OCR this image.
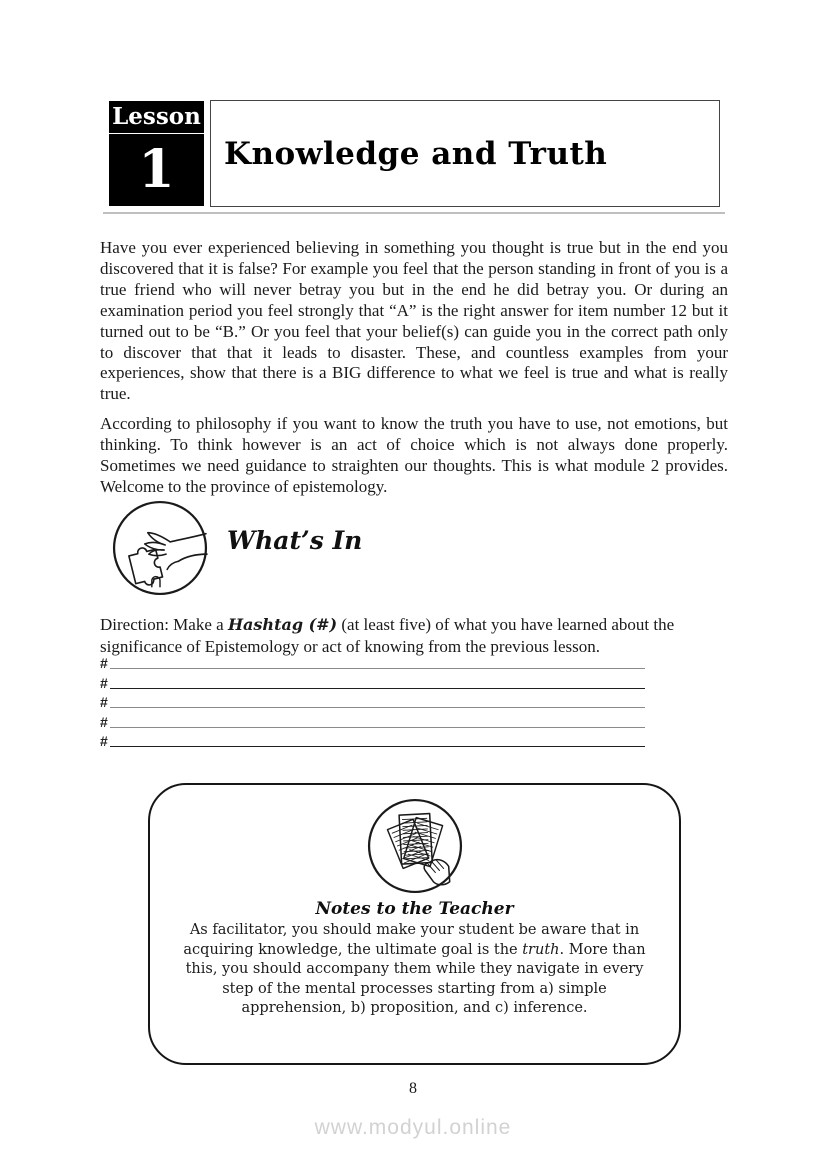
Lesson
1	Knowledge and Truth

Have you ever experienced believing in something you thought is true but in the end you discovered that it is false? For example you feel that the person standing in front of you is a true friend who will never betray you but in the end he did betray you. Or during an examination period you feel strongly that “A” is the right answer for item number 12 but it turned out to be “B.” Or you feel that your belief(s) can guide you in the correct path only to discover that that it leads to disaster. These, and countless examples from your experiences, show that there is a BIG difference to what we feel is true and what is really true.

According to philosophy if you want to know the truth you have to use, not emotions, but thinking. To think however is an act of choice which is not always done properly. Sometimes we need guidance to straighten our thoughts. This is what module 2 provides. Welcome to the province of epistemology.

What’s In

Direction: Make a Hashtag (#) (at least five) of what you have learned about the significance of Epistemology or act of knowing from the previous lesson.

#
#
#
#
#
Notes to the Teacher

As facilitator, you should make your student be aware that in acquiring knowledge, the ultimate goal is the truth. More than this, you should accompany them while they navigate in every step of the mental processes starting from a) simple apprehension, b) proposition, and c) inference.

8
www.modyul.online
